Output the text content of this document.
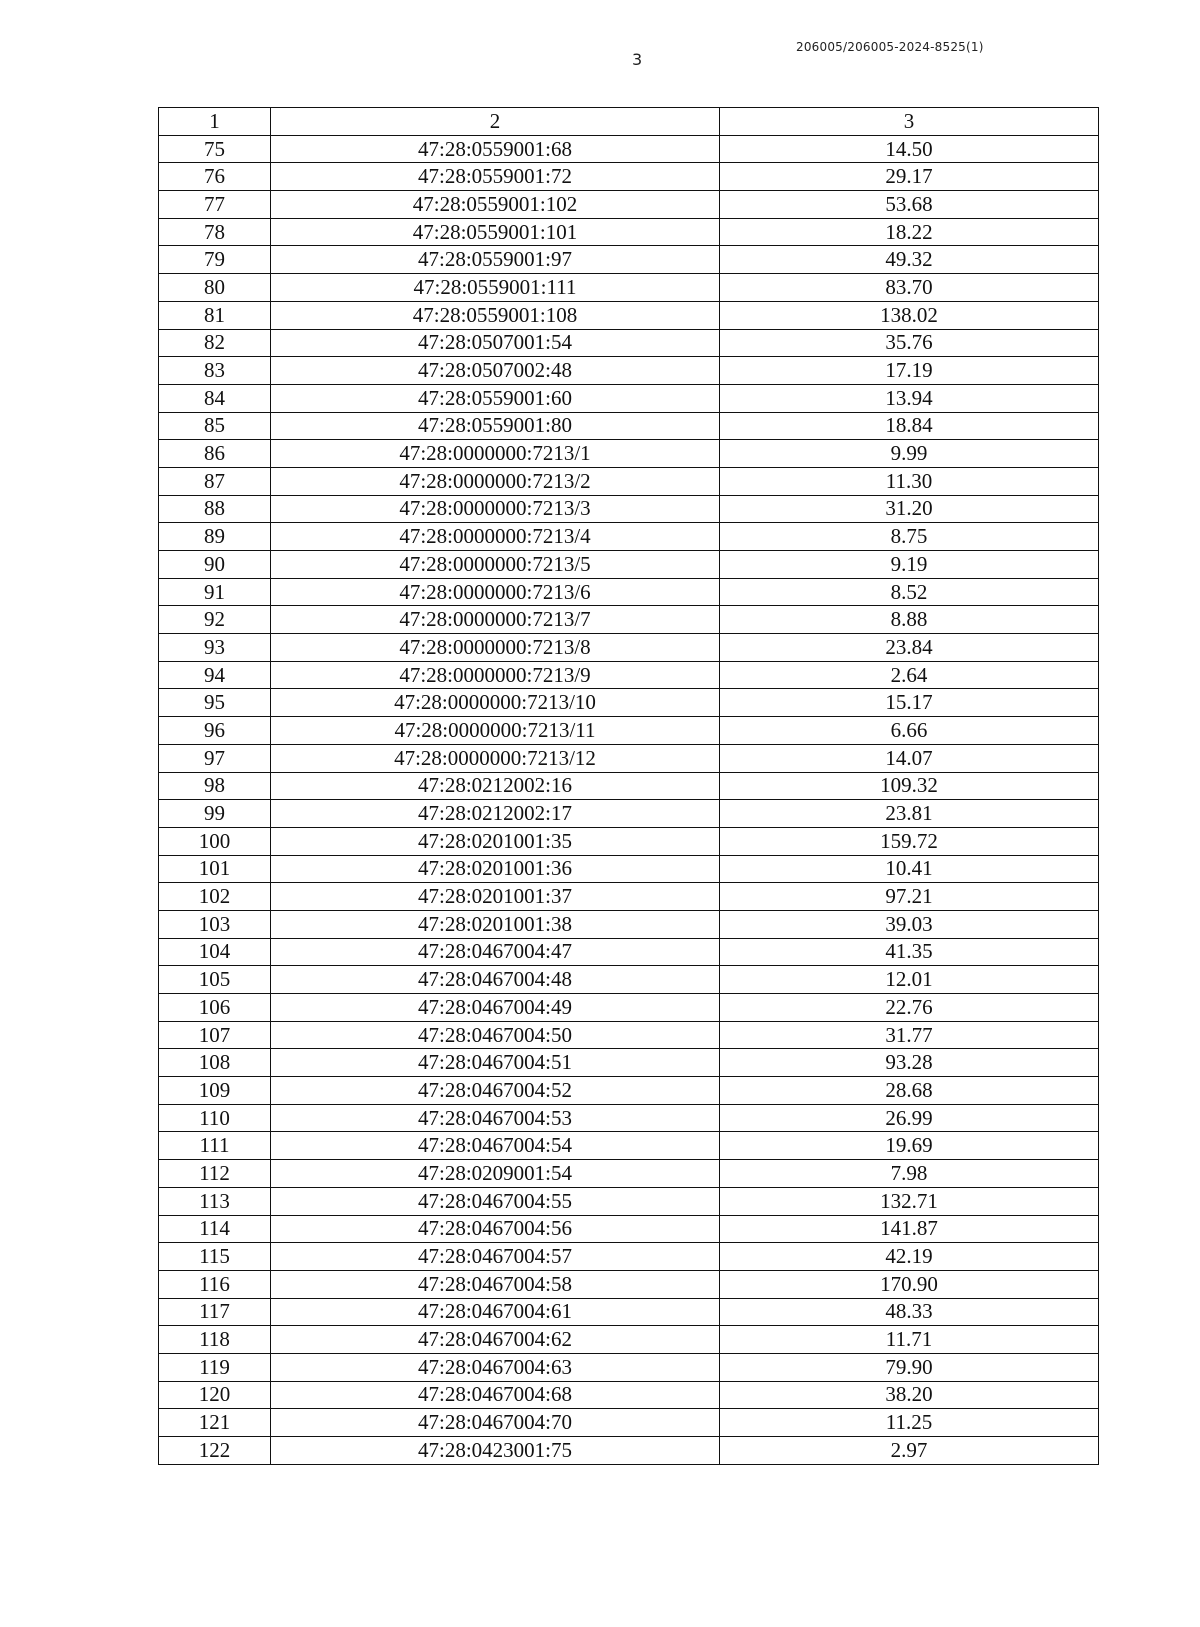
3
206005/206005-2024-8525(1)
1	2	3
75	47:28:0559001:68	14.50
76	47:28:0559001:72	29.17
77	47:28:0559001:102	53.68
78	47:28:0559001:101	18.22
79	47:28:0559001:97	49.32
80	47:28:0559001:111	83.70
81	47:28:0559001:108	138.02
82	47:28:0507001:54	35.76
83	47:28:0507002:48	17.19
84	47:28:0559001:60	13.94
85	47:28:0559001:80	18.84
86	47:28:0000000:7213/1	9.99
87	47:28:0000000:7213/2	11.30
88	47:28:0000000:7213/3	31.20
89	47:28:0000000:7213/4	8.75
90	47:28:0000000:7213/5	9.19
91	47:28:0000000:7213/6	8.52
92	47:28:0000000:7213/7	8.88
93	47:28:0000000:7213/8	23.84
94	47:28:0000000:7213/9	2.64
95	47:28:0000000:7213/10	15.17
96	47:28:0000000:7213/11	6.66
97	47:28:0000000:7213/12	14.07
98	47:28:0212002:16	109.32
99	47:28:0212002:17	23.81
100	47:28:0201001:35	159.72
101	47:28:0201001:36	10.41
102	47:28:0201001:37	97.21
103	47:28:0201001:38	39.03
104	47:28:0467004:47	41.35
105	47:28:0467004:48	12.01
106	47:28:0467004:49	22.76
107	47:28:0467004:50	31.77
108	47:28:0467004:51	93.28
109	47:28:0467004:52	28.68
110	47:28:0467004:53	26.99
111	47:28:0467004:54	19.69
112	47:28:0209001:54	7.98
113	47:28:0467004:55	132.71
114	47:28:0467004:56	141.87
115	47:28:0467004:57	42.19
116	47:28:0467004:58	170.90
117	47:28:0467004:61	48.33
118	47:28:0467004:62	11.71
119	47:28:0467004:63	79.90
120	47:28:0467004:68	38.20
121	47:28:0467004:70	11.25
122	47:28:0423001:75	2.97
